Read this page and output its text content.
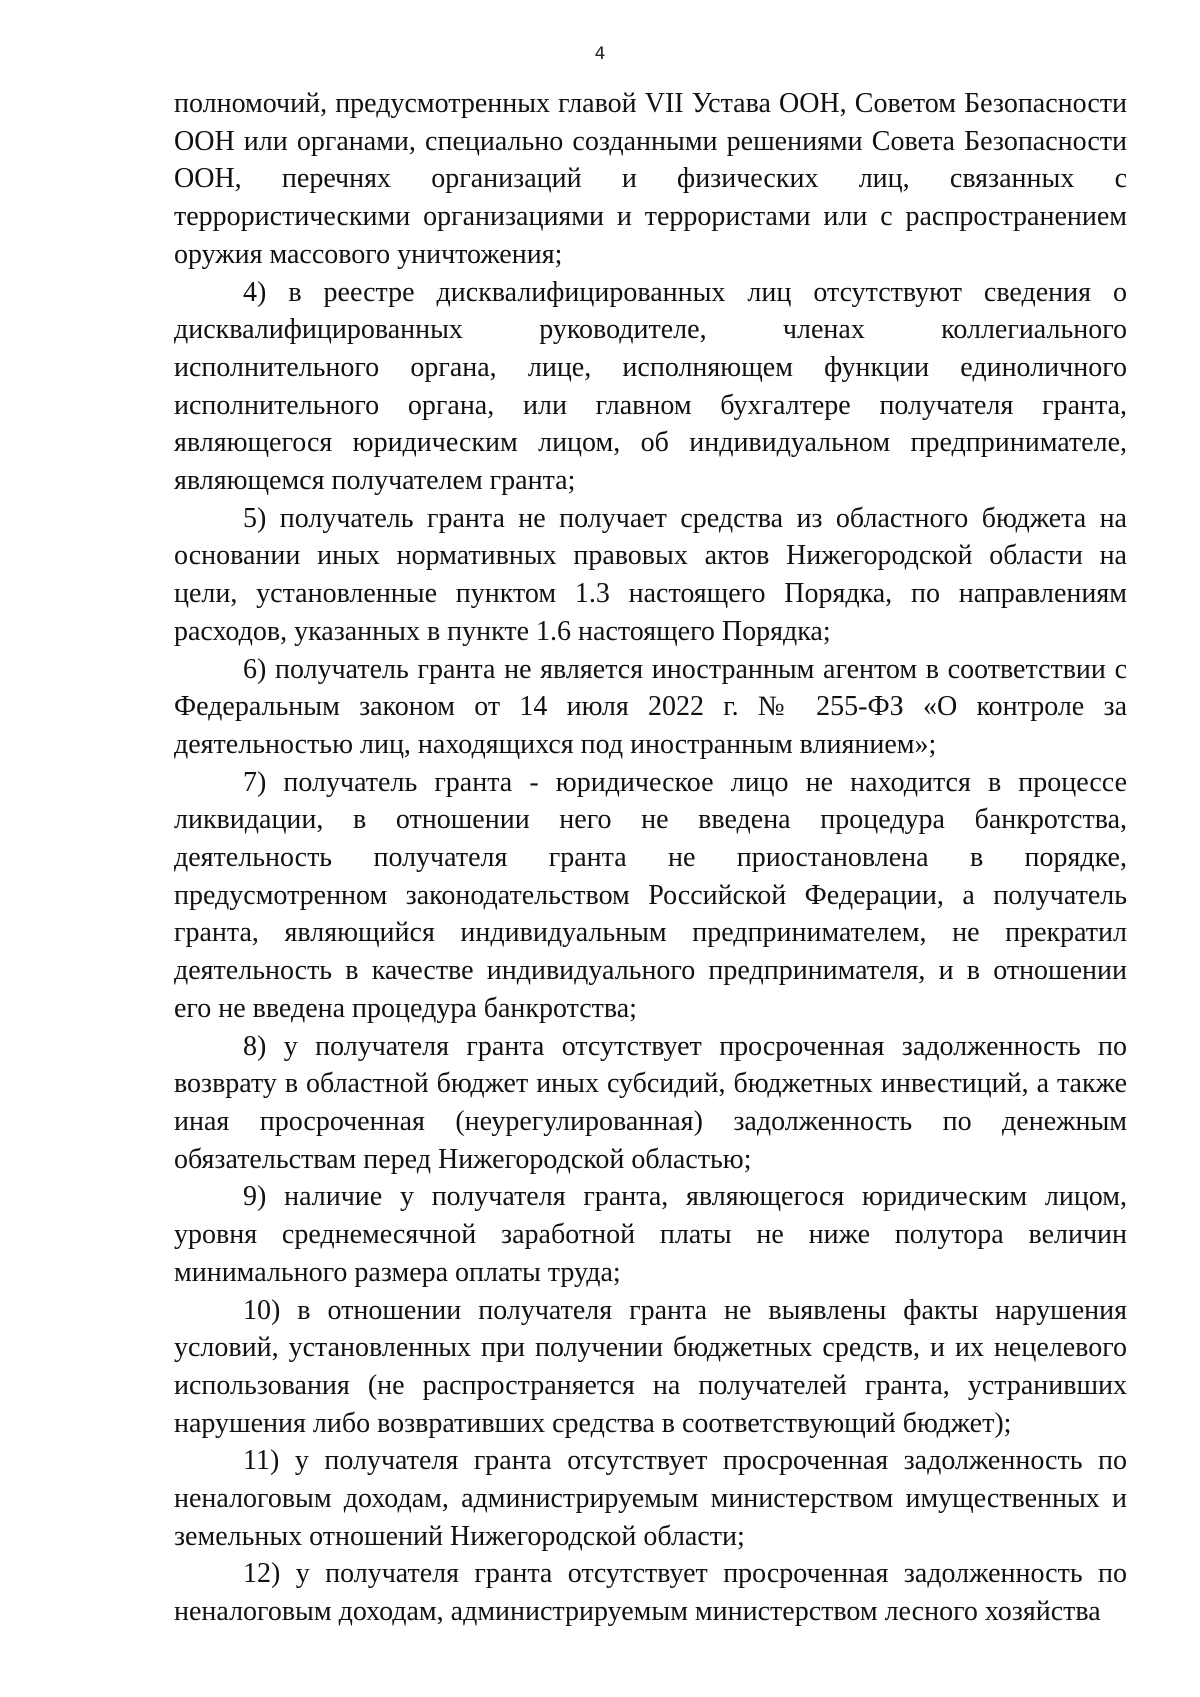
4

полномочий, предусмотренных главой VII Устава ООН, Советом Безопасности ООН или органами, специально созданными решениями Совета Безопасности ООН, перечнях организаций и физических лиц, связанных с террористическими организациями и террористами или с распространением оружия массового уничтожения;

4) в реестре дисквалифицированных лиц отсутствуют сведения о дисквалифицированных руководителе, членах коллегиального исполнительного органа, лице, исполняющем функции единоличного исполнительного органа, или главном бухгалтере получателя гранта, являющегося юридическим лицом, об индивидуальном предпринимателе, являющемся получателем гранта;

5) получатель гранта не получает средства из областного бюджета на основании иных нормативных правовых актов Нижегородской области на цели, установленные пунктом 1.3 настоящего Порядка, по направлениям расходов, указанных в пункте 1.6 настоящего Порядка;

6) получатель гранта не является иностранным агентом в соответствии с Федеральным законом от 14 июля 2022 г. № 255-ФЗ «О контроле за деятельностью лиц, находящихся под иностранным влиянием»;

7) получатель гранта - юридическое лицо не находится в процессе ликвидации, в отношении него не введена процедура банкротства, деятельность получателя гранта не приостановлена в порядке, предусмотренном законодательством Российской Федерации, а получатель гранта, являющийся индивидуальным предпринимателем, не прекратил деятельность в качестве индивидуального предпринимателя, и в отношении его не введена процедура банкротства;

8) у получателя гранта отсутствует просроченная задолженность по возврату в областной бюджет иных субсидий, бюджетных инвестиций, а также иная просроченная (неурегулированная) задолженность по денежным обязательствам перед Нижегородской областью;

9) наличие у получателя гранта, являющегося юридическим лицом, уровня среднемесячной заработной платы не ниже полутора величин минимального размера оплаты труда;

10) в отношении получателя гранта не выявлены факты нарушения условий, установленных при получении бюджетных средств, и их нецелевого использования (не распространяется на получателей гранта, устранивших нарушения либо возвративших средства в соответствующий бюджет);

11) у получателя гранта отсутствует просроченная задолженность по неналоговым доходам, администрируемым министерством имущественных и земельных отношений Нижегородской области;

12) у получателя гранта отсутствует просроченная задолженность по неналоговым доходам, администрируемым министерством лесного хозяйства
